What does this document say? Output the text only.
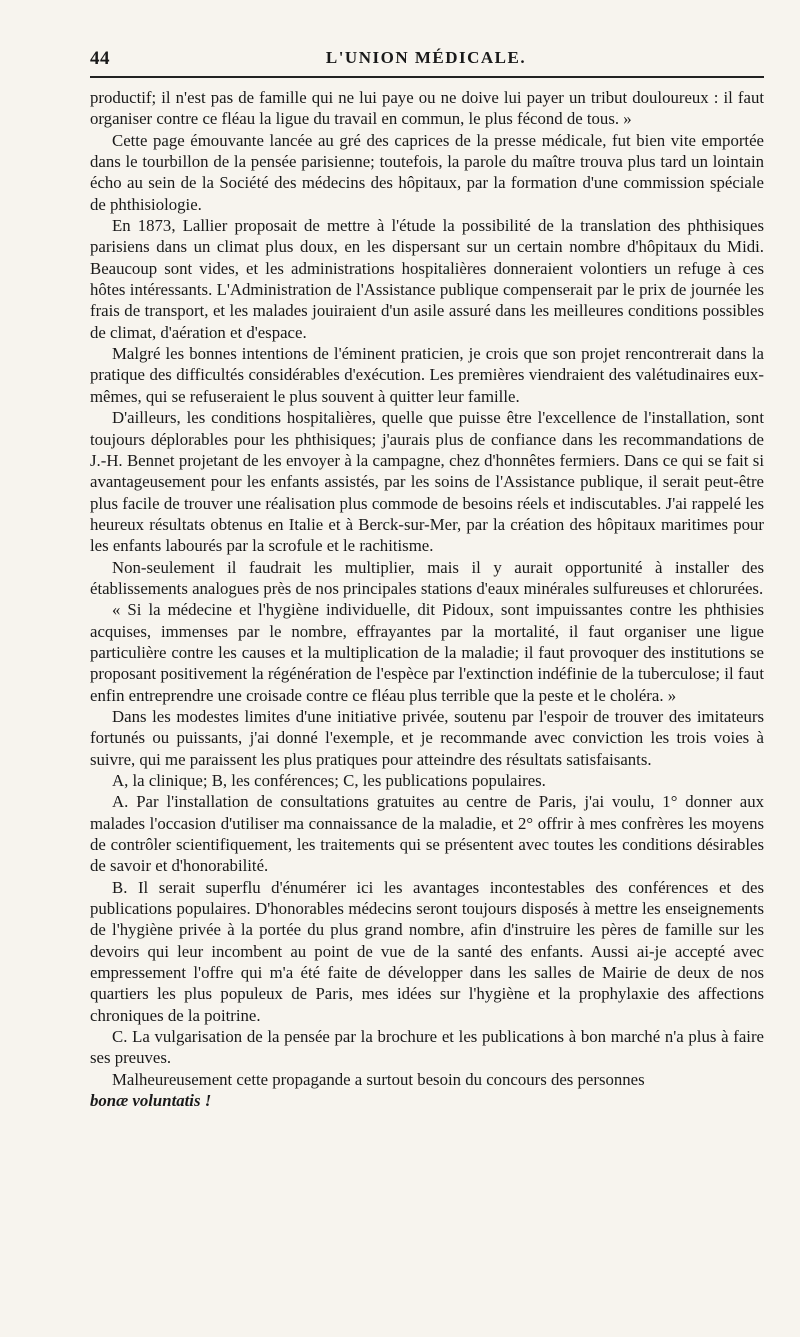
44	L'UNION MÉDICALE.

productif; il n'est pas de famille qui ne lui paye ou ne doive lui payer un tribut douloureux : il faut organiser contre ce fléau la ligue du travail en commun, le plus fécond de tous. »

Cette page émouvante lancée au gré des caprices de la presse médicale, fut bien vite emportée dans le tourbillon de la pensée parisienne; toutefois, la parole du maître trouva plus tard un lointain écho au sein de la Société des médecins des hôpitaux, par la formation d'une commission spéciale de phthisiologie.

En 1873, Lallier proposait de mettre à l'étude la possibilité de la translation des phthisiques parisiens dans un climat plus doux, en les dispersant sur un certain nombre d'hôpitaux du Midi. Beaucoup sont vides, et les administrations hospitalières donneraient volontiers un refuge à ces hôtes intéressants. L'Administration de l'Assistance publique compenserait par le prix de journée les frais de transport, et les malades jouiraient d'un asile assuré dans les meilleures conditions possibles de climat, d'aération et d'espace.

Malgré les bonnes intentions de l'éminent praticien, je crois que son projet rencontrerait dans la pratique des difficultés considérables d'exécution. Les premières viendraient des valétudinaires eux-mêmes, qui se refuseraient le plus souvent à quitter leur famille.

D'ailleurs, les conditions hospitalières, quelle que puisse être l'excellence de l'installation, sont toujours déplorables pour les phthisiques; j'aurais plus de confiance dans les recommandations de J.-H. Bennet projetant de les envoyer à la campagne, chez d'honnêtes fermiers. Dans ce qui se fait si avantageusement pour les enfants assistés, par les soins de l'Assistance publique, il serait peut-être plus facile de trouver une réalisation plus commode de besoins réels et indiscutables. J'ai rappelé les heureux résultats obtenus en Italie et à Berck-sur-Mer, par la création des hôpitaux maritimes pour les enfants labourés par la scrofule et le rachitisme.

Non-seulement il faudrait les multiplier, mais il y aurait opportunité à installer des établissements analogues près de nos principales stations d'eaux minérales sulfureuses et chlorurées.

« Si la médecine et l'hygiène individuelle, dit Pidoux, sont impuissantes contre les phthisies acquises, immenses par le nombre, effrayantes par la mortalité, il faut organiser une ligue particulière contre les causes et la multiplication de la maladie; il faut provoquer des institutions se proposant positivement la régénération de l'espèce par l'extinction indéfinie de la tuberculose; il faut enfin entreprendre une croisade contre ce fléau plus terrible que la peste et le choléra. »

Dans les modestes limites d'une initiative privée, soutenu par l'espoir de trouver des imitateurs fortunés ou puissants, j'ai donné l'exemple, et je recommande avec conviction les trois voies à suivre, qui me paraissent les plus pratiques pour atteindre des résultats satisfaisants.

A, la clinique; B, les conférences; C, les publications populaires.

A. Par l'installation de consultations gratuites au centre de Paris, j'ai voulu, 1° donner aux malades l'occasion d'utiliser ma connaissance de la maladie, et 2° offrir à mes confrères les moyens de contrôler scientifiquement, les traitements qui se présentent avec toutes les conditions désirables de savoir et d'honorabilité.

B. Il serait superflu d'énumérer ici les avantages incontestables des conférences et des publications populaires. D'honorables médecins seront toujours disposés à mettre les enseignements de l'hygiène privée à la portée du plus grand nombre, afin d'instruire les pères de famille sur les devoirs qui leur incombent au point de vue de la santé des enfants. Aussi ai-je accepté avec empressement l'offre qui m'a été faite de développer dans les salles de Mairie de deux de nos quartiers les plus populeux de Paris, mes idées sur l'hygiène et la prophylaxie des affections chroniques de la poitrine.

C. La vulgarisation de la pensée par la brochure et les publications à bon marché n'a plus à faire ses preuves.

Malheureusement cette propagande a surtout besoin du concours des personnes

bonæ voluntatis !
